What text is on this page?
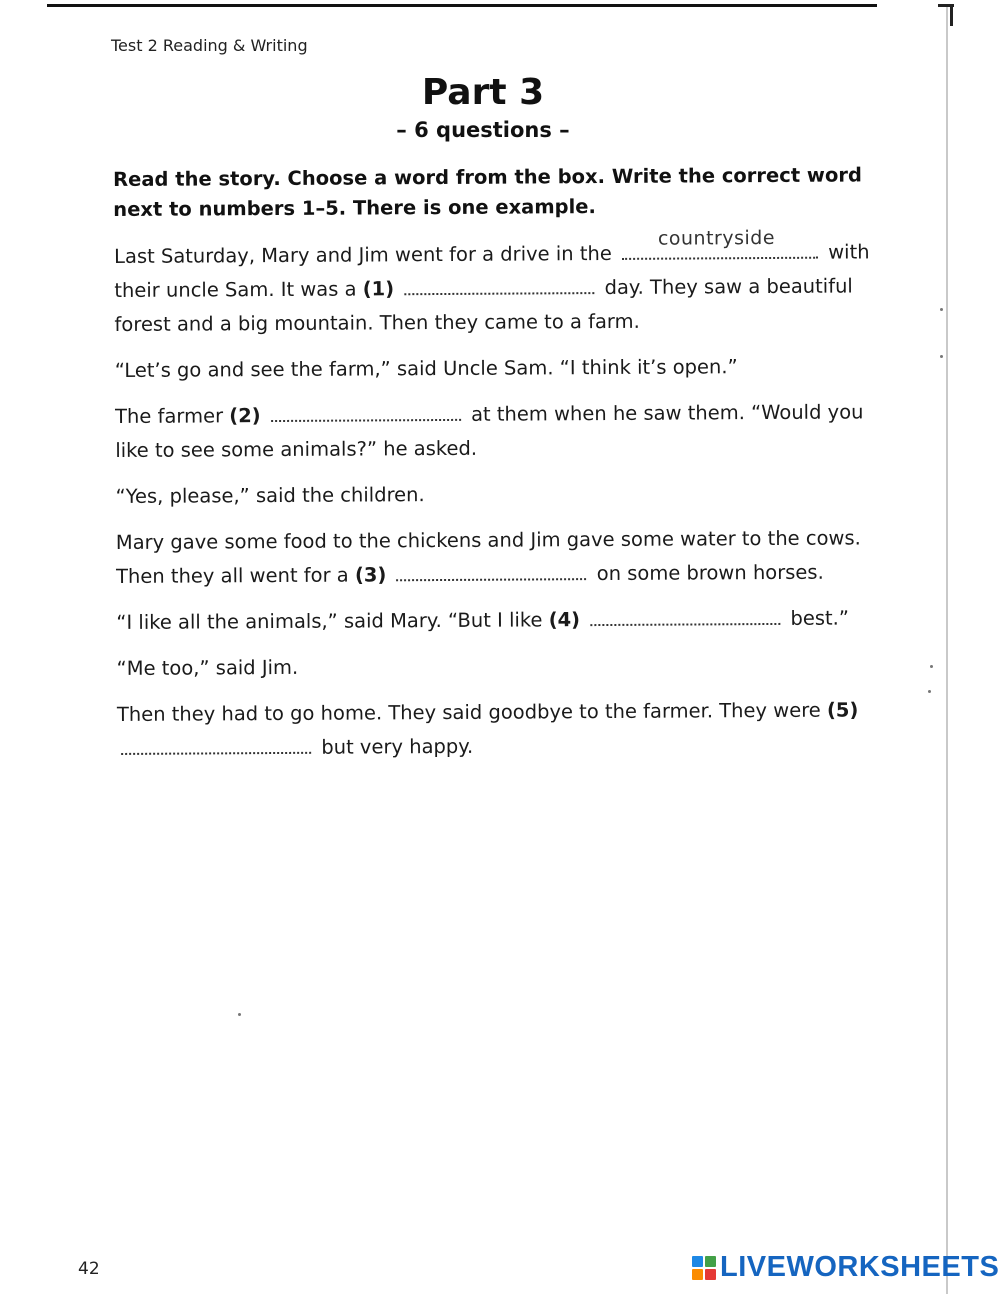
Test 2 Reading & Writing
Part 3
– 6 questions –
Read the story. Choose a word from the box. Write the correct word next to numbers 1–5. There is one example.

Last Saturday, Mary and Jim went for a drive in the
countryside
with their uncle Sam. It was a (1)	day. They saw a beautiful forest and a big mountain. Then they came to a farm.

“Let’s go and see the farm,” said Uncle Sam. “I think it’s open.”

The farmer (2)	at them when he saw them. “Would you like to see some animals?” he asked.

“Yes, please,” said the children.

Mary gave some food to the chickens and Jim gave some water to the cows. Then they all went for a (3)	on some brown horses.

“I like all the animals,” said Mary. “But I like (4)	best.”

“Me too,” said Jim.

Then they had to go home. They said goodbye to the farmer. They were (5)  but very happy.

42	LIVEWORKSHEETS
